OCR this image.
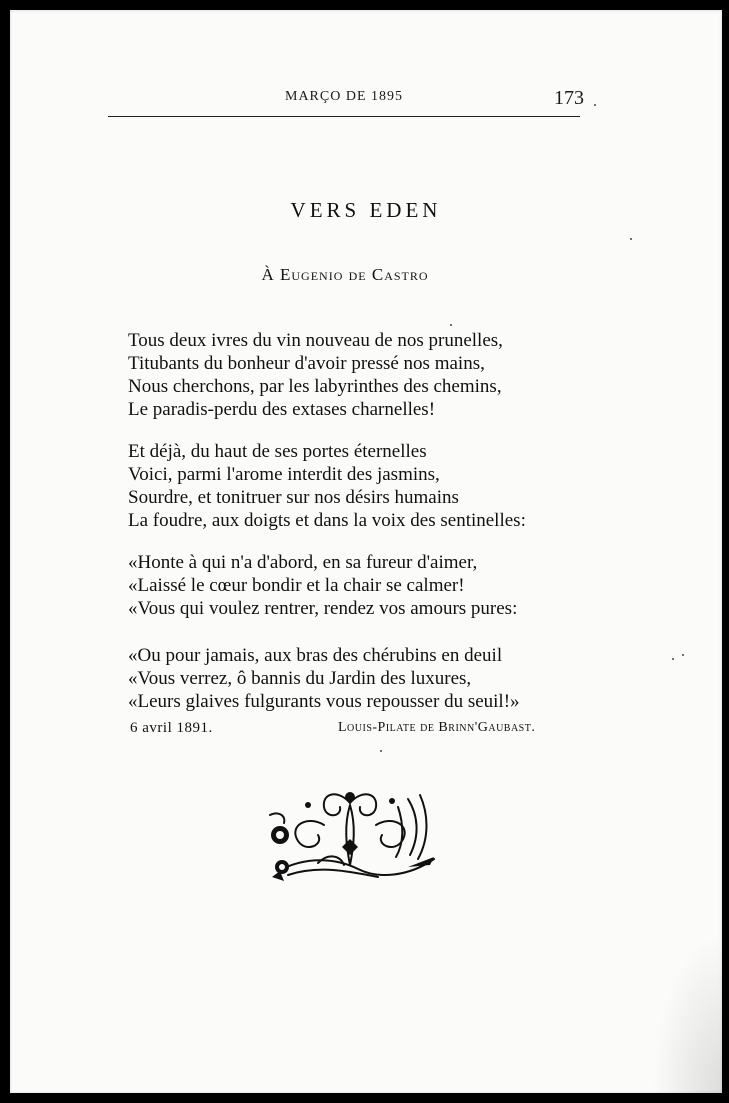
MARÇO DE 1895	173
VERS EDEN
À Eugenio de Castro
Tous deux ivres du vin nouveau de nos prunelles,
Titubants du bonheur d'avoir pressé nos mains,
Nous cherchons, par les labyrinthes des chemins,
Le paradis-perdu des extases charnelles!
Et déjà, du haut de ses portes éternelles
Voici, parmi l'arome interdit des jasmins,
Sourdre, et tonitruer sur nos désirs humains
La foudre, aux doigts et dans la voix des sentinelles:
«Honte à qui n'a d'abord, en sa fureur d'aimer,
«Laissé le cœur bondir et la chair se calmer!
«Vous qui voulez rentrer, rendez vos amours pures:
«Ou pour jamais, aux bras des chérubins en deuil
«Vous verrez, ô bannis du Jardin des luxures,
«Leurs glaives fulgurants vous repousser du seuil!»
6 avril 1891.	Louis-Pilate de Brinn'Gaubast.
